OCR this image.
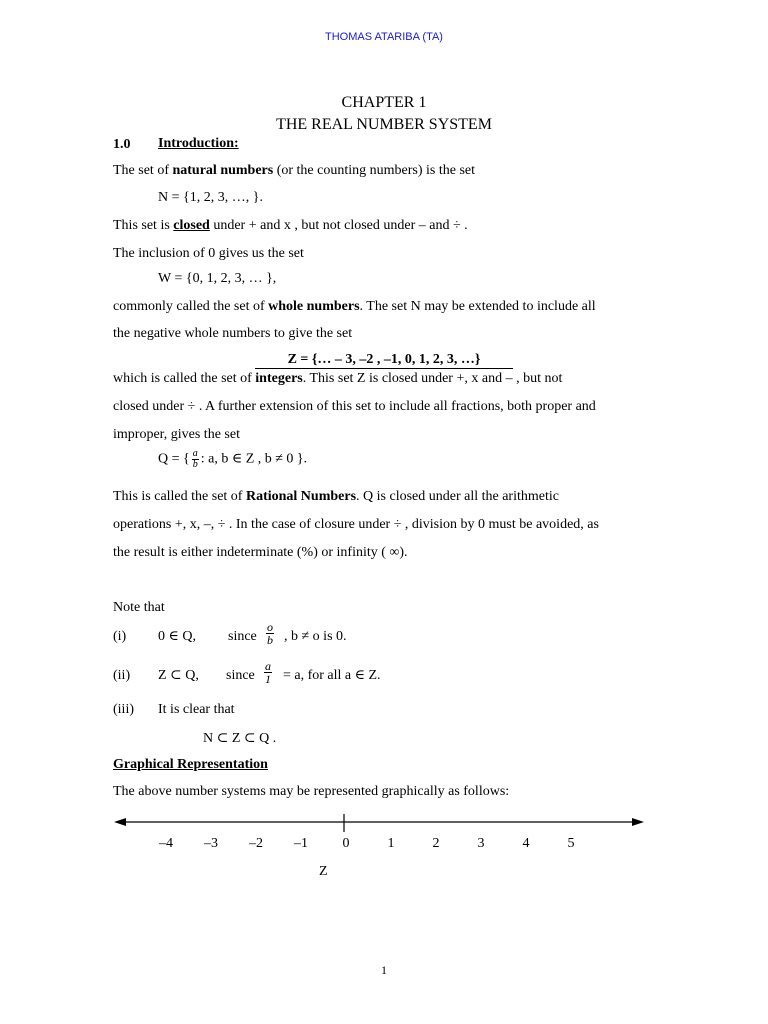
THOMAS ATARIBA (TA)
CHAPTER 1
THE REAL NUMBER SYSTEM
1.0 Introduction:
The set of natural numbers (or the counting numbers) is the set
N = {1, 2, 3, …, }.
This set is closed under + and x , but not closed under – and ÷ .
The inclusion of 0 gives us the set
W = {0, 1, 2, 3, … },
commonly called the set of whole numbers. The set N may be extended to include all
the negative whole numbers to give the set
Z = {… – 3, –2 , –1, 0, 1, 2, 3, …}
which is called the set of integers. This set Z is closed under +, x and – , but not
closed under ÷ . A further extension of this set to include all fractions, both proper and
improper, gives the set
Q = { $\frac{a}{b}$ : a, b ∈ Z , b ≠ 0 }.
This is called the set of Rational Numbers. Q is closed under all the arithmetic
operations +, x, –, ÷ . In the case of closure under ÷ , division by 0 must be avoided, as
the result is either indeterminate (%) or infinity ( ∞).
Note that
(i) 0 ∈ Q, since $\frac{o}{b}$ , b ≠ o is 0.
(ii) Z ⊂ Q, since $\frac{a}{1} = a$, for all a ∈ Z.
(iii) It is clear that
N ⊂ Z ⊂ Q .
Graphical Representation
The above number systems may be represented graphically as follows:
–4 –3 –2 –1 0	1	2	3	4	5
Z
1
